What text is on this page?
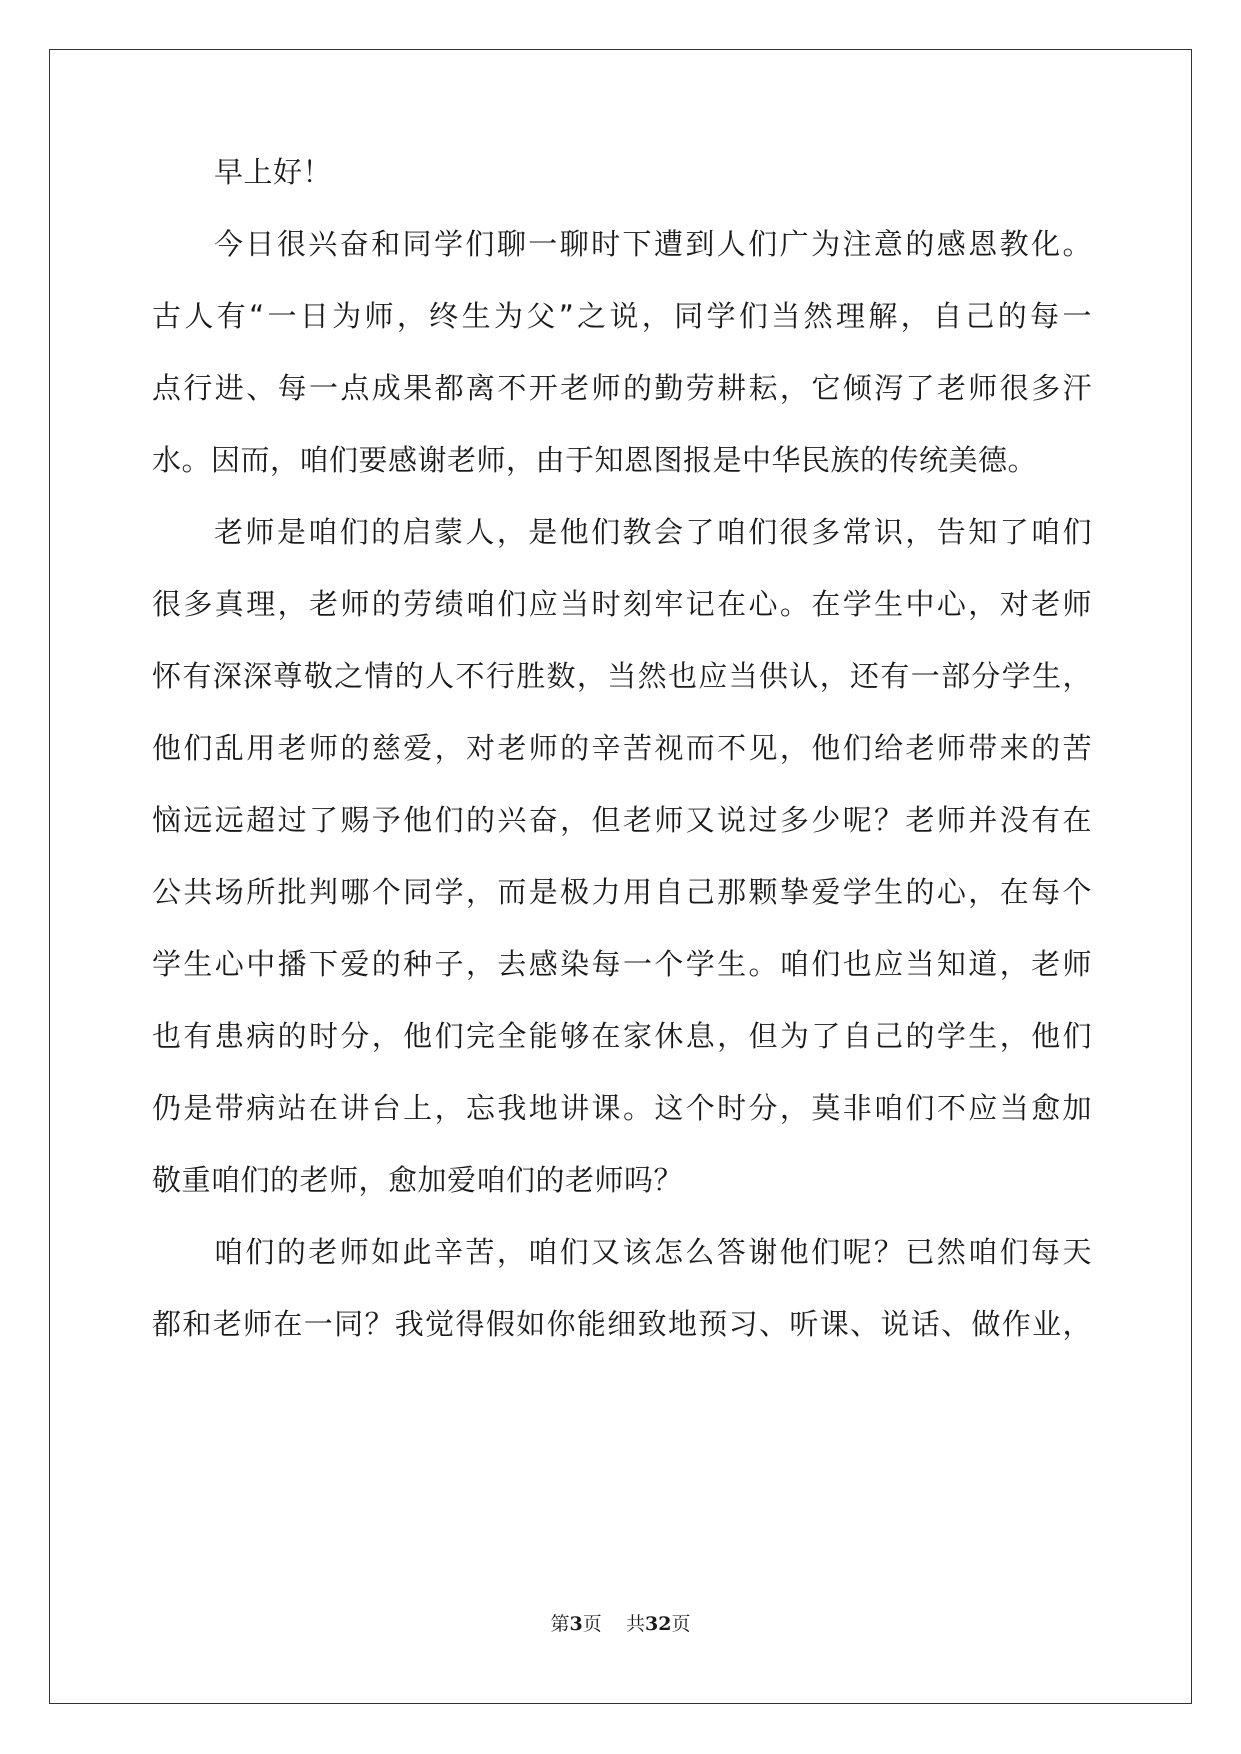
早上好！

今日很兴奋和同学们聊一聊时下遭到人们广为注意的感恩教化。

古人有“一日为师，终生为父”之说，同学们当然理解，自己的每一

点行进、每一点成果都离不开老师的勤劳耕耘，它倾泻了老师很多汗

水。因而，咱们要感谢老师，由于知恩图报是中华民族的传统美德。

老师是咱们的启蒙人，是他们教会了咱们很多常识，告知了咱们

很多真理，老师的劳绩咱们应当时刻牢记在心。在学生中心，对老师

怀有深深尊敬之情的人不行胜数，当然也应当供认，还有一部分学生，

他们乱用老师的慈爱，对老师的辛苦视而不见，他们给老师带来的苦

恼远远超过了赐予他们的兴奋，但老师又说过多少呢？老师并没有在

公共场所批判哪个同学，而是极力用自己那颗挚爱学生的心，在每个

学生心中播下爱的种子，去感染每一个学生。咱们也应当知道，老师

也有患病的时分，他们完全能够在家休息，但为了自己的学生，他们

仍是带病站在讲台上，忘我地讲课。这个时分，莫非咱们不应当愈加

敬重咱们的老师，愈加爱咱们的老师吗？

咱们的老师如此辛苦，咱们又该怎么答谢他们呢？已然咱们每天

都和老师在一同？我觉得假如你能细致地预习、听课、说话、做作业，

第3页 共32页
